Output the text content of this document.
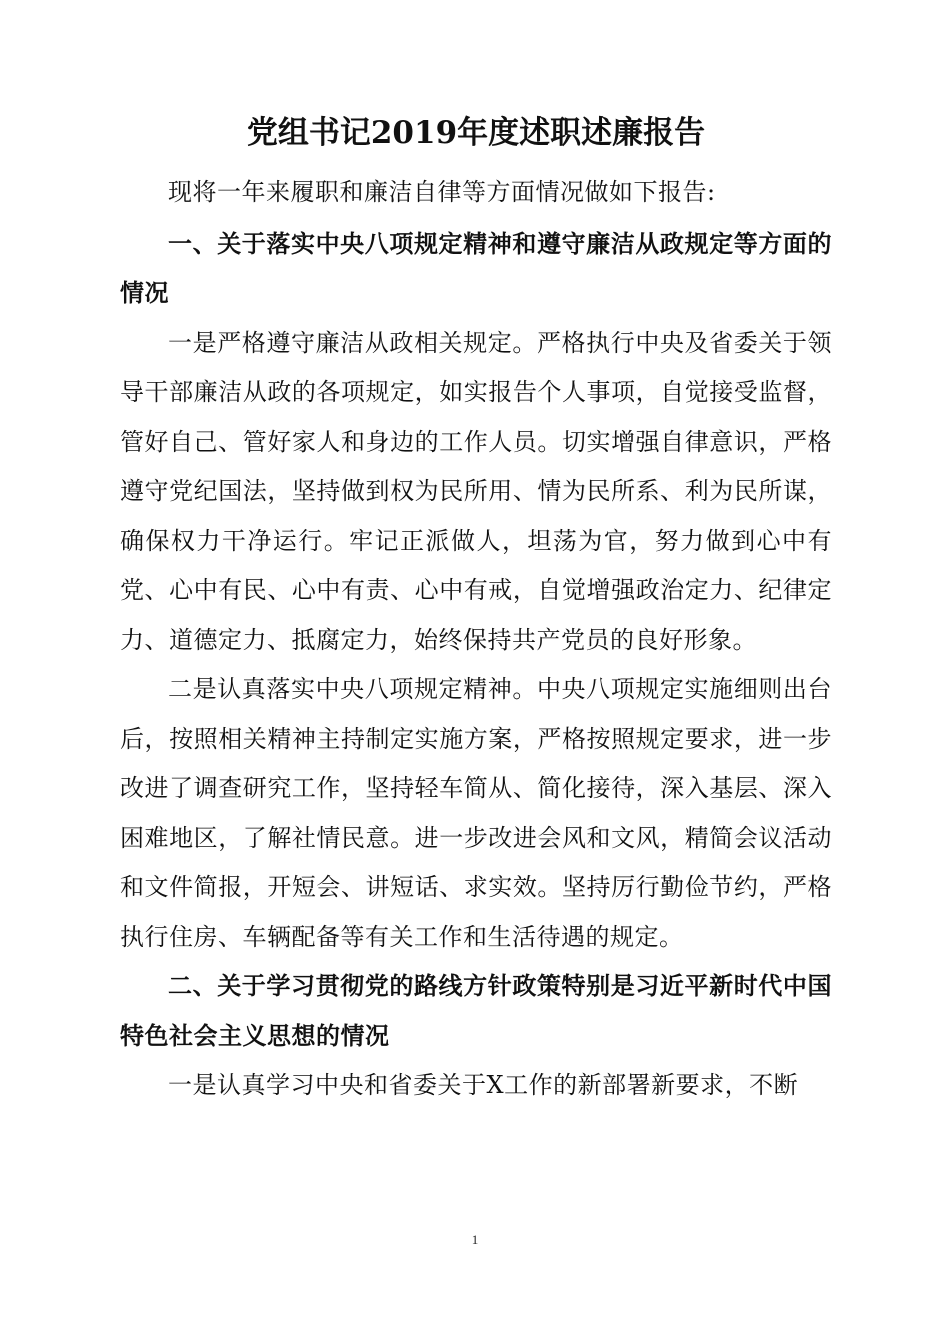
党组书记2019年度述职述廉报告

现将一年来履职和廉洁自律等方面情况做如下报告:

一、关于落实中央八项规定精神和遵守廉洁从政规定等方面的情况

一是严格遵守廉洁从政相关规定。严格执行中央及省委关于领导干部廉洁从政的各项规定，如实报告个人事项，自觉接受监督，管好自己、管好家人和身边的工作人员。切实增强自律意识，严格遵守党纪国法，坚持做到权为民所用、情为民所系、利为民所谋，确保权力干净运行。牢记正派做人，坦荡为官，努力做到心中有党、心中有民、心中有责、心中有戒，自觉增强政治定力、纪律定力、道德定力、抵腐定力，始终保持共产党员的良好形象。

二是认真落实中央八项规定精神。中央八项规定实施细则出台后，按照相关精神主持制定实施方案，严格按照规定要求，进一步改进了调查研究工作，坚持轻车简从、简化接待，深入基层、深入困难地区，了解社情民意。进一步改进会风和文风，精简会议活动和文件简报，开短会、讲短话、求实效。坚持厉行勤俭节约，严格执行住房、车辆配备等有关工作和生活待遇的规定。

二、关于学习贯彻党的路线方针政策特别是习近平新时代中国特色社会主义思想的情况

一是认真学习中央和省委关于X工作的新部署新要求，不断

1
